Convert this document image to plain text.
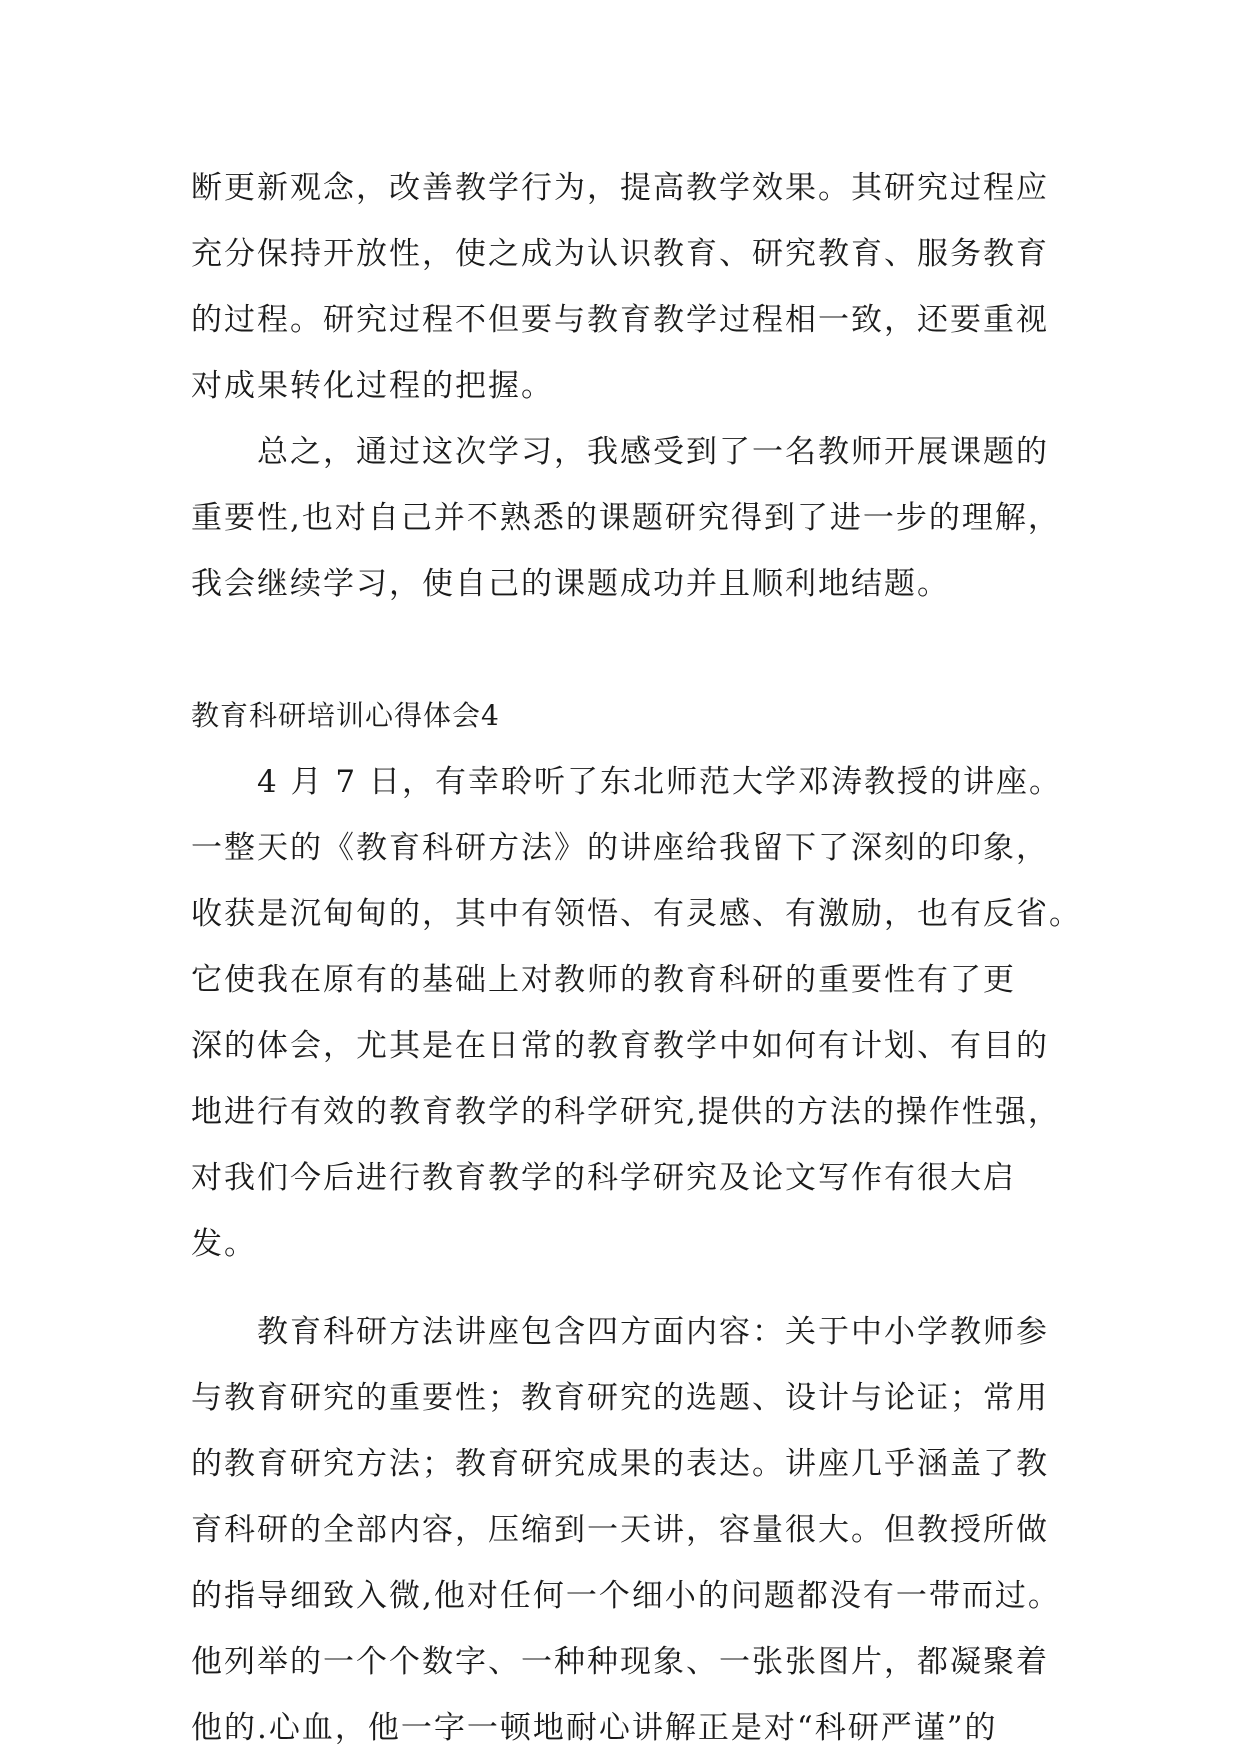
断更新观念，改善教学行为，提高教学效果。其研究过程应
充分保持开放性，使之成为认识教育、研究教育、服务教育
的过程。研究过程不但要与教育教学过程相一致，还要重视
对成果转化过程的把握。
总之，通过这次学习，我感受到了一名教师开展课题的
重要性,也对自己并不熟悉的课题研究得到了进一步的理解，
我会继续学习，使自己的课题成功并且顺利地结题。
教育科研培训心得体会4
4 月 7 日，有幸聆听了东北师范大学邓涛教授的讲座。
一整天的《教育科研方法》的讲座给我留下了深刻的印象，
收获是沉甸甸的，其中有领悟、有灵感、有激励，也有反省。
它使我在原有的基础上对教师的教育科研的重要性有了更
深的体会，尤其是在日常的教育教学中如何有计划、有目的
地进行有效的教育教学的科学研究,提供的方法的操作性强，
对我们今后进行教育教学的科学研究及论文写作有很大启
发。
教育科研方法讲座包含四方面内容：关于中小学教师参
与教育研究的重要性；教育研究的选题、设计与论证；常用
的教育研究方法；教育研究成果的表达。讲座几乎涵盖了教
育科研的全部内容，压缩到一天讲，容量很大。但教授所做
的指导细致入微,他对任何一个细小的问题都没有一带而过。
他列举的一个个数字、一种种现象、一张张图片，都凝聚着
他的.心血，他一字一顿地耐心讲解正是对“科研严谨”的
